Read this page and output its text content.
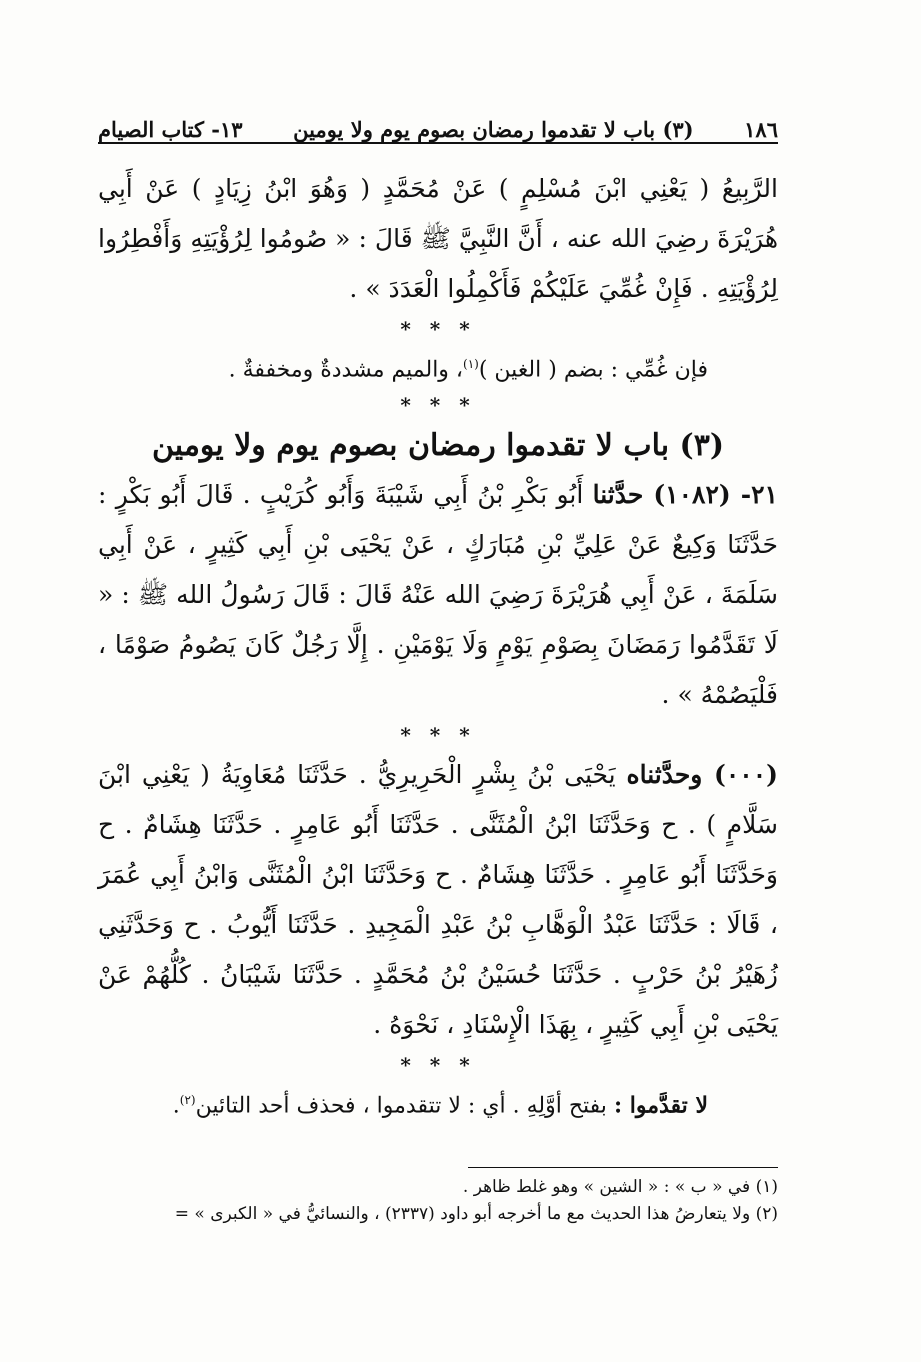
١٨٦
(٣) باب لا تقدموا رمضان بصوم يوم ولا يومين
١٣- كتاب الصيام

الرَّبِيعُ ( يَعْنِي ابْنَ مُسْلِمٍ ) عَنْ مُحَمَّدٍ ( وَهُوَ ابْنُ زِيَادٍ ) عَنْ أَبِي هُرَيْرَةَ رضِيَ الله عنه ، أَنَّ النَّبِيَّ ﷺ قَالَ : « صُومُوا لِرُؤْيَتِهِ وَأَفْطِرُوا لِرُؤْيَتِهِ . فَإِنْ غُمِّيَ عَلَيْكُمْ فَأَكْمِلُوا الْعَدَدَ » .

* * *

فإن غُمِّي : بضم ( الغين )$^{(١)}$، والميم مشددةٌ ومخففةٌ .

* * *
(٣) باب لا تقدموا رمضان بصوم يوم ولا يومين

٢١- (١٠٨٢) حدَّثنا أَبُو بَكْرِ بْنُ أَبِي شَيْبَةَ وَأَبُو كُرَيْبٍ . قَالَ أَبُو بَكْرٍ : حَدَّثَنَا وَكِيعٌ عَنْ عَلِيِّ بْنِ مُبَارَكٍ ، عَنْ يَحْيَى بْنِ أَبِي كَثِيرٍ ، عَنْ أَبِي سَلَمَةَ ، عَنْ أَبِي هُرَيْرَةَ رَضِيَ الله عَنْهُ قَالَ : قَالَ رَسُولُ الله ﷺ : « لَا تَقَدَّمُوا رَمَضَانَ بِصَوْمِ يَوْمٍ وَلَا يَوْمَيْنِ . إِلَّا رَجُلٌ كَانَ يَصُومُ صَوْمًا ، فَلْيَصُمْهُ » .

* * *

(٠٠٠) وحدَّثناه يَحْيَى بْنُ بِشْرٍ الْحَرِيرِيُّ . حَدَّثَنَا مُعَاوِيَةُ ( يَعْنِي ابْنَ سَلَّامٍ ) . ح وَحَدَّثَنَا ابْنُ الْمُثَنَّى . حَدَّثَنَا أَبُو عَامِرٍ . حَدَّثَنَا هِشَامٌ . ح وَحَدَّثَنَا أَبُو عَامِرٍ . حَدَّثَنَا هِشَامٌ . ح وَحَدَّثَنَا ابْنُ الْمُثَنَّى وَابْنُ أَبِي عُمَرَ ، قَالَا : حَدَّثَنَا عَبْدُ الْوَهَّابِ بْنُ عَبْدِ الْمَجِيدِ . حَدَّثَنَا أَيُّوبُ . ح وَحَدَّثَنِي زُهَيْرُ بْنُ حَرْبٍ . حَدَّثَنَا حُسَيْنُ بْنُ مُحَمَّدٍ . حَدَّثَنَا شَيْبَانُ . كُلُّهُمْ عَنْ يَحْيَى بْنِ أَبِي كَثِيرٍ ، بِهَذَا الْإِسْنَادِ ، نَحْوَهُ .

* * *

لا تقدَّموا : بفتح أوَّلِهِ . أي : لا تتقدموا ، فحذف أحد التائين$^{(٢)}$.

(١) في « ب » : « الشين » وهو غلط ظاهر .

(٢) ولا يتعارضُ هذا الحديث مع ما أخرجه أبو داود (٢٣٣٧) ، والنسائيُّ في « الكبرى » =
